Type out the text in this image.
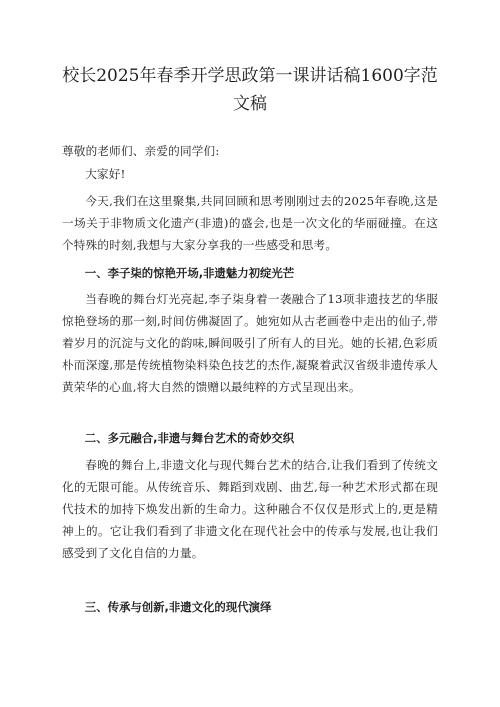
校长2025年春季开学思政第一课讲话稿1600字范文稿

尊敬的老师们、亲爱的同学们:

大家好!

今天,我们在这里聚集,共同回顾和思考刚刚过去的2025年春晚,这是一场关于非物质文化遗产(非遗)的盛会,也是一次文化的华丽碰撞。在这个特殊的时刻,我想与大家分享我的一些感受和思考。

一、李子柒的惊艳开场,非遗魅力初绽光芒

当春晚的舞台灯光亮起,李子柒身着一袭融合了13项非遗技艺的华服惊艳登场的那一刻,时间仿佛凝固了。她宛如从古老画卷中走出的仙子,带着岁月的沉淀与文化的韵味,瞬间吸引了所有人的目光。她的长裙,色彩质朴而深邃,那是传统植物染料染色技艺的杰作,凝聚着武汉省级非遗传承人黄荣华的心血,将大自然的馈赠以最纯粹的方式呈现出来。

二、多元融合,非遗与舞台艺术的奇妙交织

春晚的舞台上,非遗文化与现代舞台艺术的结合,让我们看到了传统文化的无限可能。从传统音乐、舞蹈到戏剧、曲艺,每一种艺术形式都在现代技术的加持下焕发出新的生命力。这种融合不仅仅是形式上的,更是精神上的。它让我们看到了非遗文化在现代社会中的传承与发展,也让我们感受到了文化自信的力量。

三、传承与创新,非遗文化的现代演绎
